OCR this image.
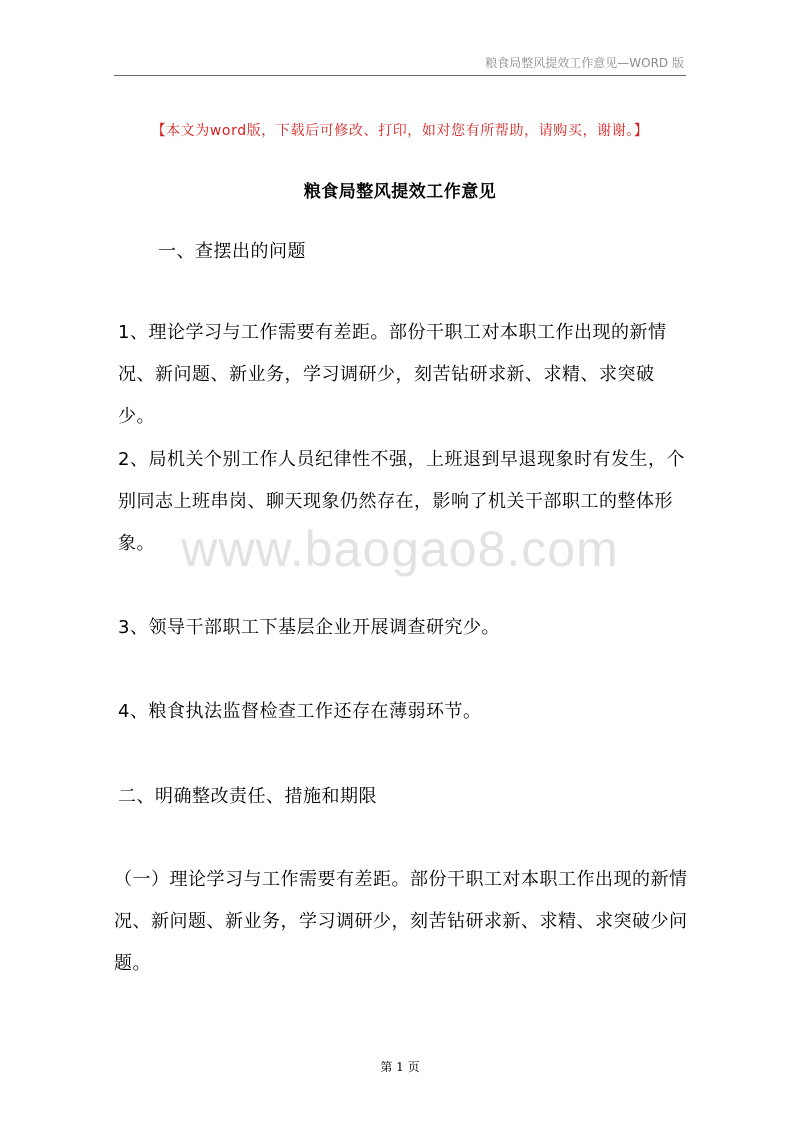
粮食局整风提效工作意见—WORD 版
【本文为word版，下载后可修改、打印，如对您有所帮助，请购买，谢谢。】
粮食局整风提效工作意见

一、查摆出的问题

1、理论学习与工作需要有差距。部份干职工对本职工作出现的新情况、新问题、新业务，学习调研少，刻苦钻研求新、求精、求突破少。

2、局机关个别工作人员纪律性不强，上班退到早退现象时有发生，个别同志上班串岗、聊天现象仍然存在，影响了机关干部职工的整体形象。 www.baogao8.com

3、领导干部职工下基层企业开展调查研究少。

4、粮食执法监督检查工作还存在薄弱环节。

二、明确整改责任、措施和期限

（一）理论学习与工作需要有差距。部份干职工对本职工作出现的新情况、新问题、新业务，学习调研少，刻苦钻研求新、求精、求突破少问题。

第 1 页
